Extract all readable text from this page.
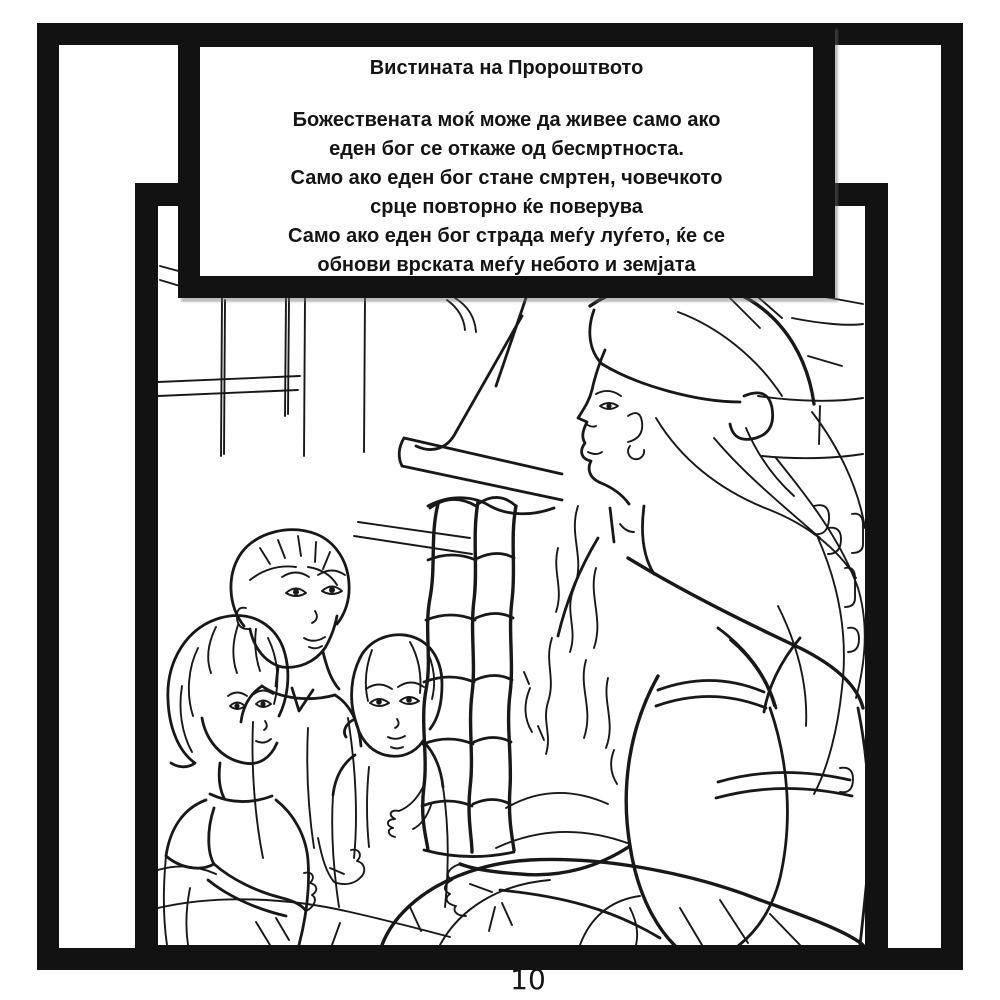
Вистината на Пророштвото
Божествената моќ може да живее само ако
еден бог се откаже од бесмртноста.
Само ако еден бог стане смртен, човечкото
срце повторно ќе поверува
Само ако еден бог страда меѓу луѓето, ќе се
обнови врската меѓу небото и земјата
10
